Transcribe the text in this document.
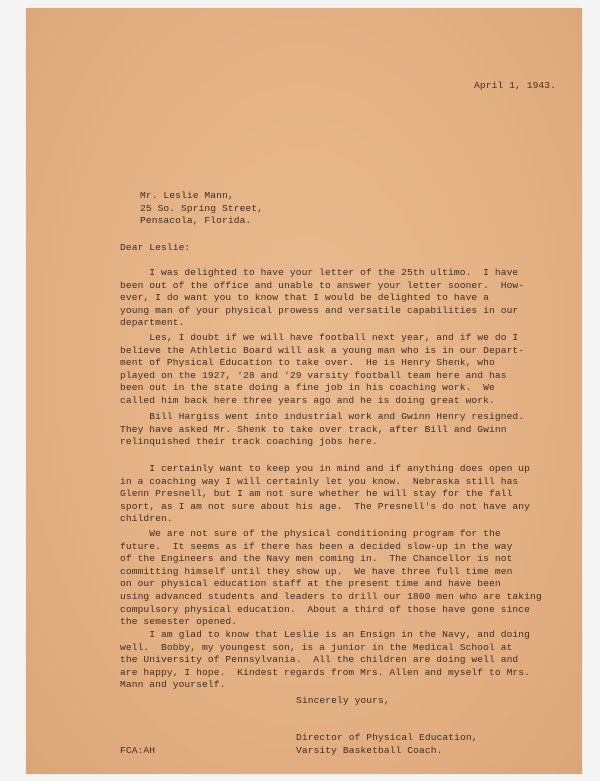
April 1, 1943.
Mr. Leslie Mann,
25 So. Spring Street,
Pensacola, Florida.
Dear Leslie:
I was delighted to have your letter of the 25th ultimo.  I have
been out of the office and unable to answer your letter sooner.  How-
ever, I do want you to know that I would be delighted to have a
young man of your physical prowess and versatile capabilities in our
department.
Les, I doubt if we will have football next year, and if we do I
believe the Athletic Board will ask a young man who is in our Depart-
ment of Physical Education to take over.  He is Henry Shenk, who
played on the 1927, '28 and '29 varsity football team here and has
been out in the state doing a fine job in his coaching work.  We
called him back here three years ago and he is doing great work.
Bill Hargiss went into industrial work and Gwinn Henry resigned.
They have asked Mr. Shenk to take over track, after Bill and Gwinn
relinquished their track coaching jobs here.
I certainly want to keep you in mind and if anything does open up
in a coaching way I will certainly let you know.  Nebraska still has
Glenn Presnell, but I am not sure whether he will stay for the fall
sport, as I am not sure about his age.  The Presnell's do not have any
children.
We are not sure of the physical conditioning program for the
future.  It seems as if there has been a decided slow-up in the way
of the Engineers and the Navy men coming in.  The Chancellor is not
committing himself until they show up.  We have three full time men
on our physical education staff at the present time and have been
using advanced students and leaders to drill our 1800 men who are taking
compulsory physical education.  About a third of those have gone since
the semester opened.
I am glad to know that Leslie is an Ensign in the Navy, and doing
well.  Bobby, my youngest son, is a junior in the Medical School at
the University of Pennsylvania.  All the children are doing well and
are happy, I hope.  Kindest regards from Mrs. Allen and myself to Mrs.
Mann and yourself.
Sincerely yours,
Director of Physical Education,
Varsity Basketball Coach.
FCA:AH
